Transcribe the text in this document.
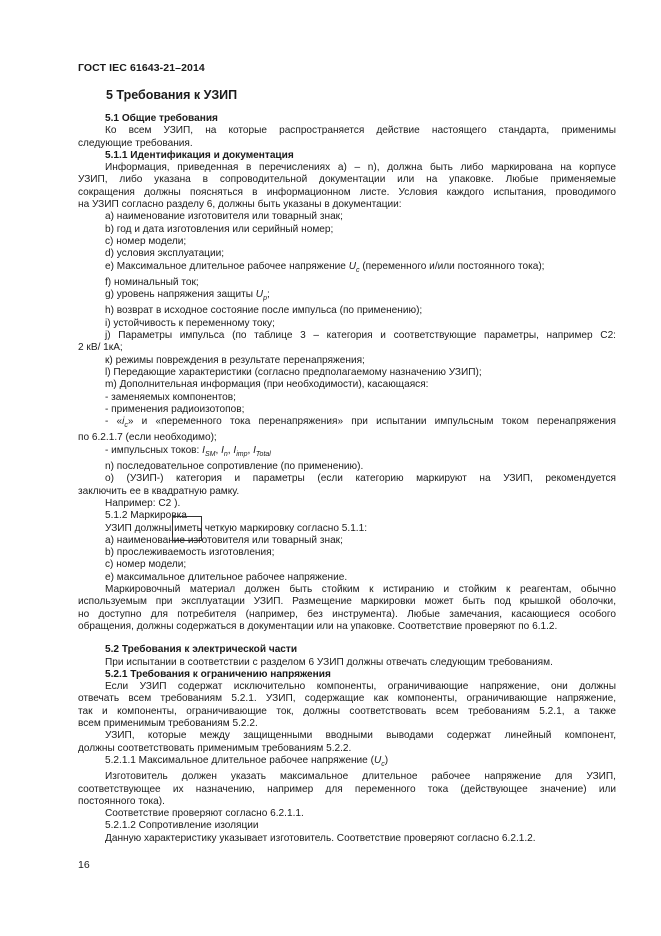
ГОСТ IEC 61643-21–2014
5 Требования к УЗИП

5.1 Общие требования

Ко всем УЗИП, на которые распространяется действие настоящего стандарта, применимы

следующие требования.

5.1.1 Идентификация и документация

Информация, приведенная в перечислениях а) – n), должна быть либо маркирована на корпусе

УЗИП, либо указана в сопроводительной документации или на упаковке. Любые применяемые

сокращения должны поясняться в информационном листе. Условия каждого испытания, проводимого

на УЗИП согласно разделу 6, должны быть указаны в документации:

а) наименование изготовителя или товарный знак;

b) год и дата изготовления или серийный номер;

c) номер модели;

d) условия эксплуатации;

е) Максимальное длительное рабочее напряжение $U_c$ (переменного и/или постоянного тока);

f) номинальный ток;

g) уровень напряжения защиты $U_p$;

h) возврат в исходное состояние после импульса (по применению);

i) устойчивость к переменному току;

j) Параметры импульса (по таблице 3 – категория и соответствующие параметры, например С2:

2 кВ/ 1кА;

к) режимы повреждения в результате перенапряжения;

l) Передающие характеристики (согласно предполагаемому назначению УЗИП);

m) Дополнительная информация (при необходимости), касающаяся:

- заменяемых компонентов;

- применения радиоизотопов;

- «$i_c$» и «переменного тока перенапряжения» при испытании импульсным током перенапряжения

по 6.2.1.7 (если необходимо);

- импульсных токов: $I_{SM}$, $I_n$, $I_{imp}$, $I_{Total}$

n) последовательное сопротивление (по применению).

о) (УЗИП-) категория и параметры (если категорию маркируют на УЗИП, рекомендуется

заключить ее в квадратную рамку.

Например: С2 ).

5.1.2 Маркировка

УЗИП должны иметь четкую маркировку согласно 5.1.1:

а) наименование изготовителя или товарный знак;

b) прослеживаемость изготовления;

c) номер модели;

e) максимальное длительное рабочее напряжение.

Маркировочный материал должен быть стойким к истиранию и стойким к реагентам, обычно

используемым при эксплуатации УЗИП. Размещение маркировки может быть под крышкой оболочки,

но доступно для потребителя (например, без инструмента). Любые замечания, касающиеся особого

обращения, должны содержаться в документации или на упаковке. Соответствие проверяют по 6.1.2.

5.2 Требования к электрической части

При испытании в соответствии с разделом 6 УЗИП должны отвечать следующим требованиям.

5.2.1 Требования к ограничению напряжения

Если УЗИП содержат исключительно компоненты, ограничивающие напряжение, они должны

отвечать всем требованиям 5.2.1. УЗИП, содержащие как компоненты, ограничивающие напряжение,

так и компоненты, ограничивающие ток, должны соответствовать всем требованиям 5.2.1, а также

всем применимым требованиям 5.2.2.

УЗИП, которые между защищенными вводными выводами содержат линейный компонент,

должны соответствовать применимым требованиям 5.2.2.

5.2.1.1 Максимальное длительное рабочее напряжение $(U_c)$

Изготовитель должен указать максимальное длительное рабочее напряжение для УЗИП,

соответствующее их назначению, например для переменного тока (действующее значение) или

постоянного тока).

Соответствие проверяют согласно 6.2.1.1.

5.2.1.2 Сопротивление изоляции

Данную характеристику указывает изготовитель. Соответствие проверяют согласно 6.2.1.2.

16
